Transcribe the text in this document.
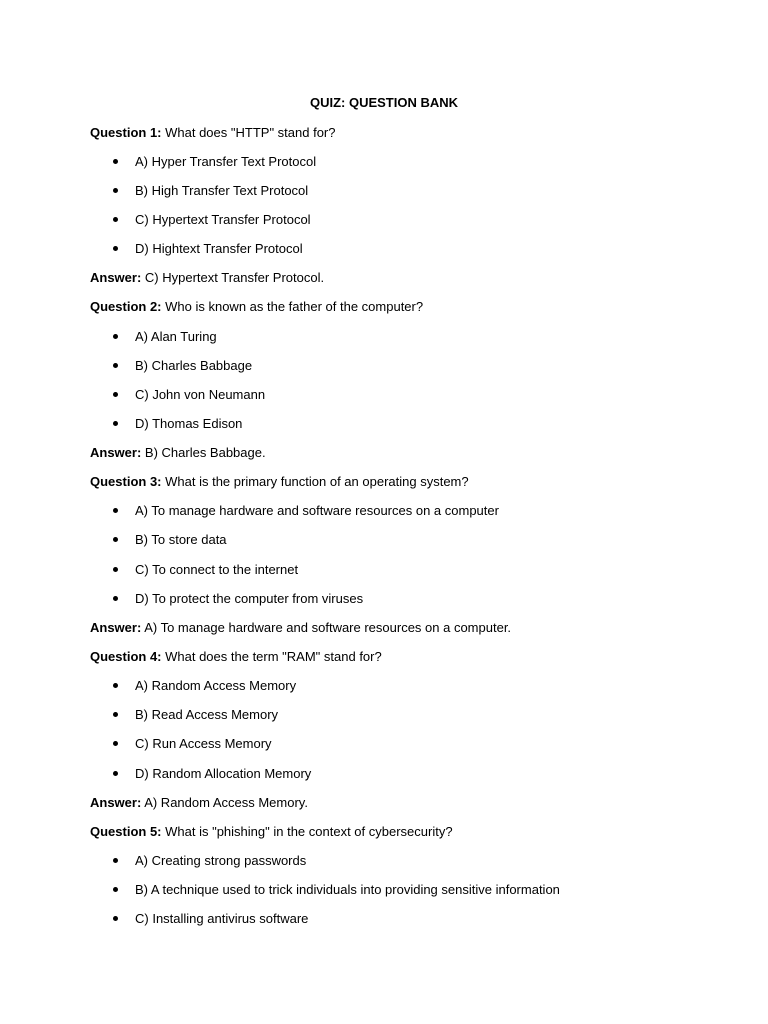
QUIZ: QUESTION BANK
Question 1: What does "HTTP" stand for?
A) Hyper Transfer Text Protocol
B) High Transfer Text Protocol
C) Hypertext Transfer Protocol
D) Hightext Transfer Protocol
Answer: C) Hypertext Transfer Protocol.
Question 2: Who is known as the father of the computer?
A) Alan Turing
B) Charles Babbage
C) John von Neumann
D) Thomas Edison
Answer: B) Charles Babbage.
Question 3: What is the primary function of an operating system?
A) To manage hardware and software resources on a computer
B) To store data
C) To connect to the internet
D) To protect the computer from viruses
Answer: A) To manage hardware and software resources on a computer.
Question 4: What does the term "RAM" stand for?
A) Random Access Memory
B) Read Access Memory
C) Run Access Memory
D) Random Allocation Memory
Answer: A) Random Access Memory.
Question 5: What is "phishing" in the context of cybersecurity?
A) Creating strong passwords
B) A technique used to trick individuals into providing sensitive information
C) Installing antivirus software
